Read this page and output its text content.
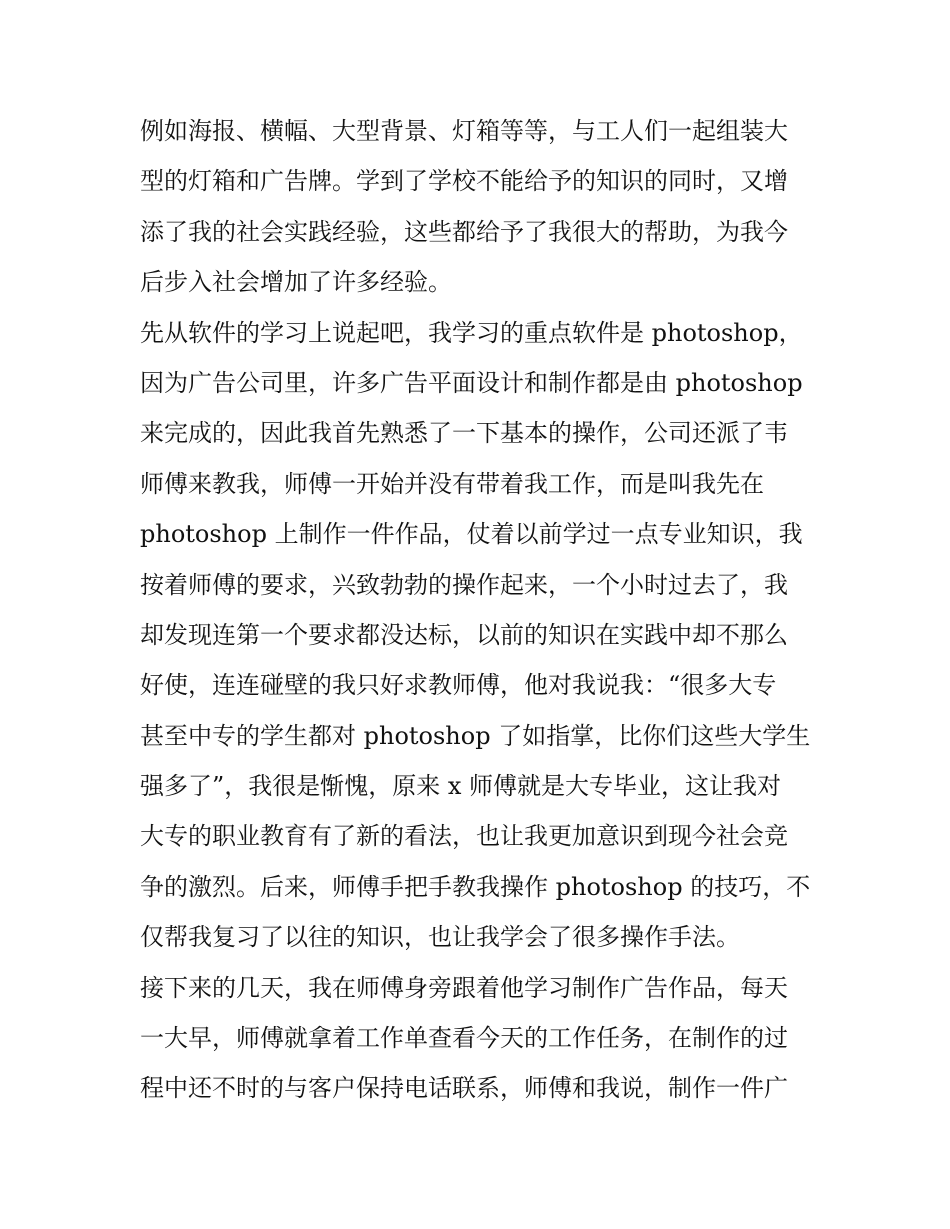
例如海报、横幅、大型背景、灯箱等等，与工人们一起组装大
型的灯箱和广告牌。学到了学校不能给予的知识的同时，又增
添了我的社会实践经验，这些都给予了我很大的帮助，为我今
后步入社会增加了许多经验。
先从软件的学习上说起吧，我学习的重点软件是 photoshop，
因为广告公司里，许多广告平面设计和制作都是由 photoshop
来完成的，因此我首先熟悉了一下基本的操作，公司还派了韦
师傅来教我，师傅一开始并没有带着我工作，而是叫我先在
photoshop 上制作一件作品，仗着以前学过一点专业知识，我
按着师傅的要求，兴致勃勃的操作起来，一个小时过去了，我
却发现连第一个要求都没达标，以前的知识在实践中却不那么
好使，连连碰壁的我只好求教师傅，他对我说我：“很多大专
甚至中专的学生都对 photoshop 了如指掌，比你们这些大学生
强多了”，我很是惭愧，原来 x 师傅就是大专毕业，这让我对
大专的职业教育有了新的看法，也让我更加意识到现今社会竞
争的激烈。后来，师傅手把手教我操作 photoshop 的技巧，不
仅帮我复习了以往的知识，也让我学会了很多操作手法。
接下来的几天，我在师傅身旁跟着他学习制作广告作品，每天
一大早，师傅就拿着工作单查看今天的工作任务，在制作的过
程中还不时的与客户保持电话联系，师傅和我说，制作一件广
